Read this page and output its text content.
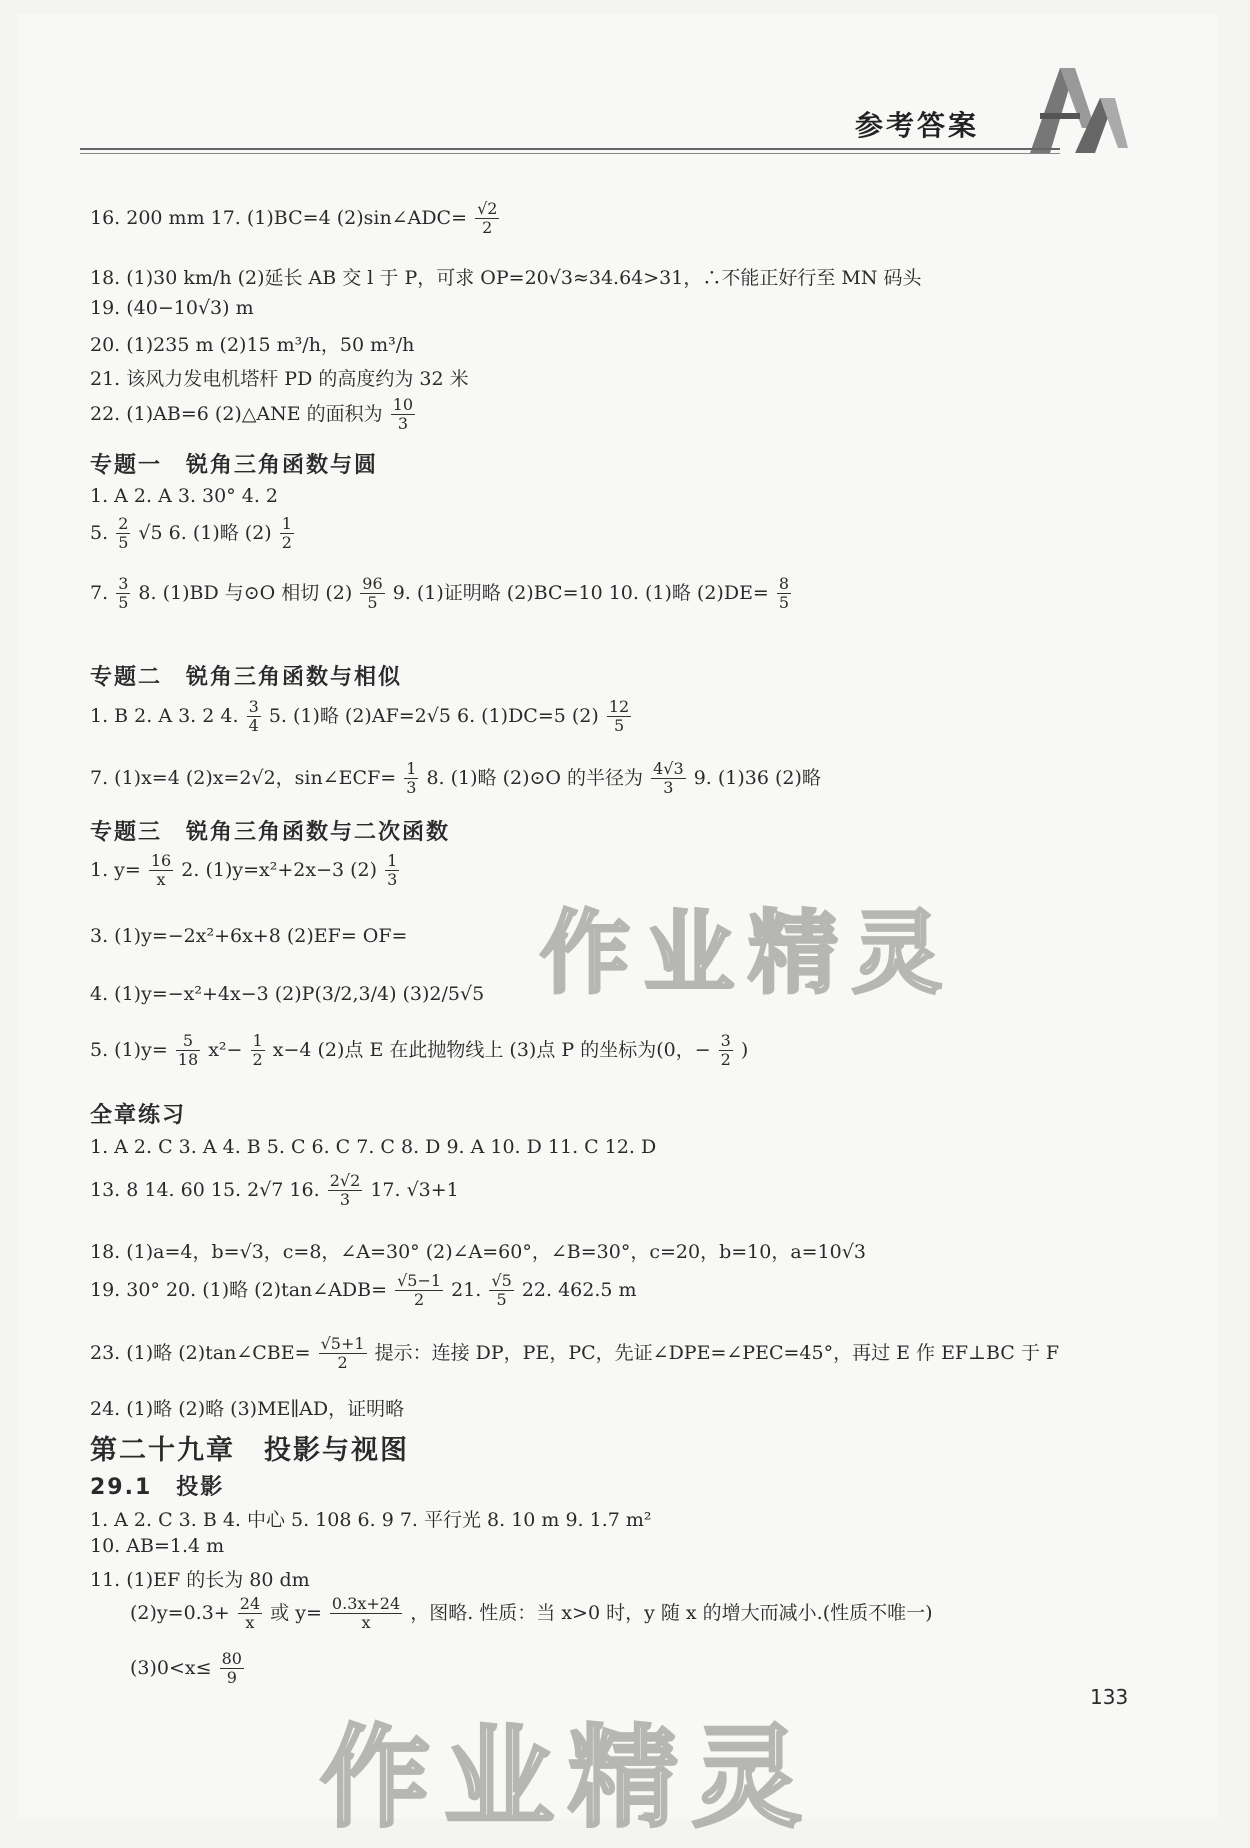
参考答案
16. 200 mm 17. (1)BC=4 (2)sin∠ADC= $\frac{√2}{2}$
18. (1)30 km/h (2)延长 AB 交 l 于 P，可求 OP=20√3≈34.64>31，∴不能正好行至 MN 码头
19. (40−10√3) m
20. (1)235 m (2)15 m³/h，50 m³/h
21. 该风力发电机塔杆 PD 的高度约为 32 米
22. (1)AB=6 (2)△ANE 的面积为 $\frac{10}{3}$
专题一　锐角三角函数与圆
1. A 2. A 3. 30° 4. 2
5. $\frac{2}{5} √5$ 6. (1)略 $(2) \frac{1}{2}$
7. $\frac{3}{5} 8$. (1)BD 与⊙O 相切 $(2) \frac{96}{5} 9$. (1)证明略 (2)BC=10 10. (1)略 $(2)DE= \frac{8}{5}$
专题二　锐角三角函数与相似
1. B 2. A 3. 2 4. $\frac{3}{4} 5$. (1)略 (2)AF=2√5 6. (1)DC=5 $(2) \frac{12}{5}$
7. (1)x=4 (2)x=2√2，sin∠ECF= $\frac{1}{3} 8$. (1)略 (2)⊙O 的半径为 $\frac{4√3}{3} 9$. (1)36 (2)略
专题三　锐角三角函数与二次函数
1. $y= \frac{16}{x} 2$. (1)y=x²+2x−3 $(2) \frac{1}{3}$
3. (1)y=−2x²+6x+8 (2)EF= OF=
4. (1)y=−x²+4x−3 (2)P(3/2,3/4) (3)2/5√5
5. $(1)y= \frac{5}{18} x^2- \frac{1}{2} x-4$ (2)点 E 在此抛物线上 (3)点 P 的坐标为(0，− $\frac{3}{2}$ )
全章练习
1. A 2. C 3. A 4. B 5. C 6. C 7. C 8. D 9. A 10. D 11. C 12. D
13. 8 14. 60 15. 2√7 16. $\frac{2√2}{3} 17$. √3+1
18. (1)a=4，b=√3，c=8，∠A=30° (2)∠A=60°，∠B=30°，c=20，b=10，a=10√3
19. 30° 20. (1)略 (2)tan∠ADB= $\frac{√5-1}{2} 21$. $\frac{√5}{5} 22$. 462.5 m
23. (1)略 (2)tan∠CBE= $\frac{√5+1}{2}$ 提示：连接 DP，PE，PC，先证∠DPE=∠PEC=45°，再过 E 作 EF⊥BC 于 F
24. (1)略 (2)略 (3)ME∥AD，证明略
第二十九章　投影与视图
29.1　投影
1. A 2. C 3. B 4. 中心 5. 108 6. 9 7. 平行光 8. 10 m 9. 1.7 m²
10. AB=1.4 m
11. (1)EF 的长为 80 dm
$(2)y=0.3+ \frac{24}{x}$ 或 $y= \frac{0.3x+24}{x}$ ，图略. 性质：当 x>0 时，y 随 x 的增大而减小.(性质不唯一)
$(3)0<x\le \frac{80}{9}$
作业精灵
作业精灵
133
